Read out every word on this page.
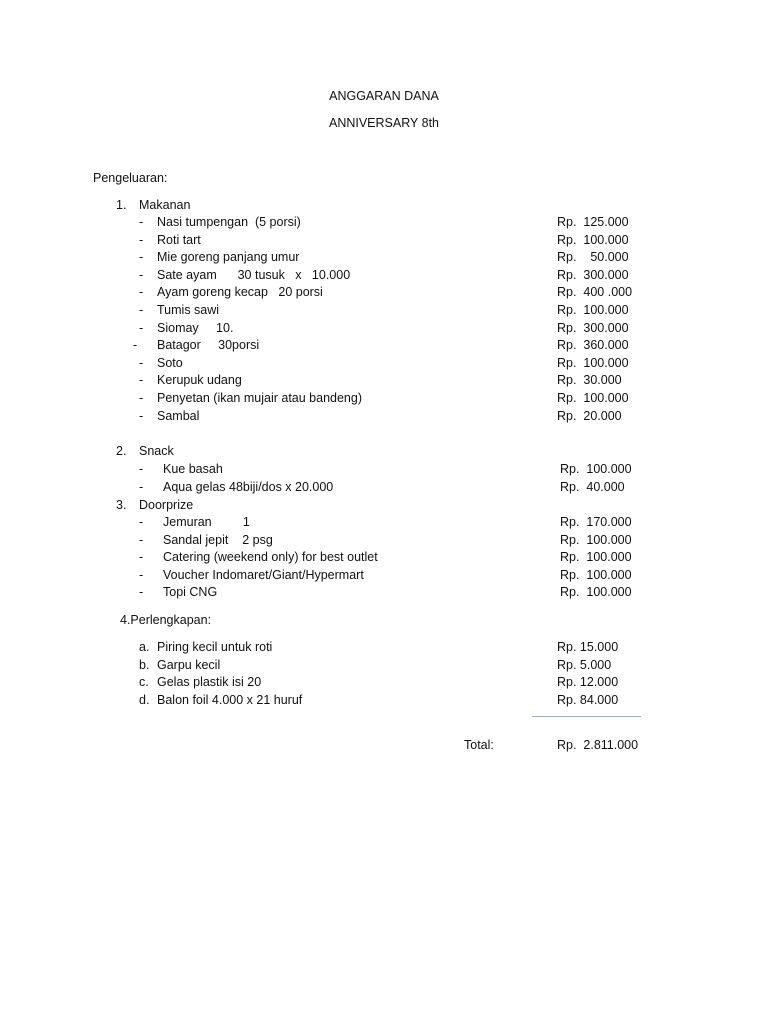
ANGGARAN DANA
ANNIVERSARY 8th
Pengeluaran:
1. Makanan
- Nasi tumpengan  (5 porsi)	Rp.  125.000
- Roti tart	Rp.  100.000
- Mie goreng panjang umur	Rp.    50.000
- Sate ayam      30 tusuk   x   10.000	Rp.  300.000
- Ayam goreng kecap   20 porsi	Rp.  400 .000
- Tumis sawi	Rp.  100.000
- Siomay     10.	Rp.  300.000
- Batagor     30porsi	Rp.  360.000
- Soto	Rp.  100.000
- Kerupuk udang	Rp.  30.000
- Penyetan (ikan mujair atau bandeng)	Rp.  100.000
- Sambal	Rp.  20.000
2. Snack
- Kue basah	Rp.  100.000
- Aqua gelas 48biji/dos x 20.000	Rp.  40.000
3. Doorprize
- Jemuran         1	Rp.  170.000
- Sandal jepit    2 psg	Rp.  100.000
- Catering (weekend only) for best outlet	Rp.  100.000
- Voucher Indomaret/Giant/Hypermart	Rp.  100.000
- Topi CNG	Rp.  100.000
4.Perlengkapan:
a. Piring kecil untuk roti	Rp. 15.000
b. Garpu kecil	Rp. 5.000
c. Gelas plastik isi 20	Rp. 12.000
d. Balon foil 4.000 x 21 huruf	Rp. 84.000
Total:	Rp.  2.811.000
